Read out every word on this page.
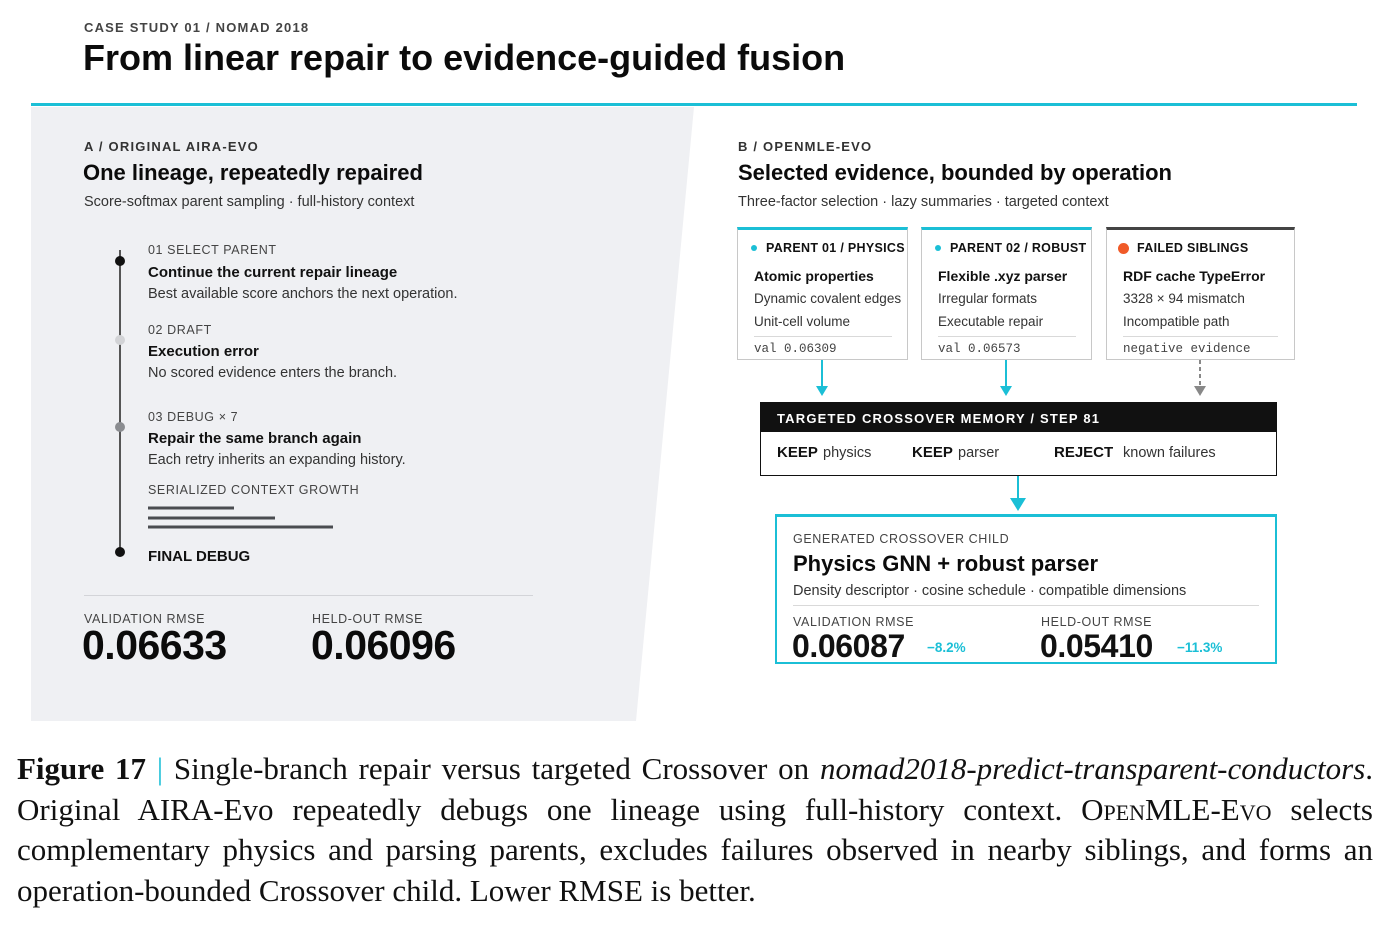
CASE STUDY 01 / NOMAD 2018
From linear repair to evidence-guided fusion
A / ORIGINAL AIRA-EVO
One lineage, repeatedly repaired
Score-softmax parent sampling · full-history context
01 SELECT PARENT
Continue the current repair lineage
Best available score anchors the next operation.
02 DRAFT
Execution error
No scored evidence enters the branch.
03 DEBUG × 7
Repair the same branch again
Each retry inherits an expanding history.
SERIALIZED CONTEXT GROWTH
FINAL DEBUG
VALIDATION RMSE
0.06633
HELD-OUT RMSE
0.06096
B / OPENMLE-EVO
Selected evidence, bounded by operation
Three-factor selection · lazy summaries · targeted context
PARENT 01 / PHYSICS
Atomic properties
Dynamic covalent edges
Unit-cell volume
val 0.06309
PARENT 02 / ROBUST
Flexible .xyz parser
Irregular formats
Executable repair
val 0.06573
FAILED SIBLINGS
RDF cache TypeError
3328 × 94 mismatch
Incompatible path
negative evidence
TARGETED CROSSOVER MEMORY / STEP 81
KEEP physics	KEEP parser	REJECT known failures
GENERATED CROSSOVER CHILD
Physics GNN + robust parser
Density descriptor · cosine schedule · compatible dimensions
VALIDATION RMSE
0.06087 −8.2%
HELD-OUT RMSE
0.05410 −11.3%
Figure 17 | Single-branch repair versus targeted Crossover on nomad2018-predict-transparent-conductors. Original AIRA-Evo repeatedly debugs one lineage using full-history context. OpenMLE-Evo selects complementary physics and parsing parents, excludes failures observed in nearby siblings, and forms an operation-bounded Crossover child. Lower RMSE is better.
